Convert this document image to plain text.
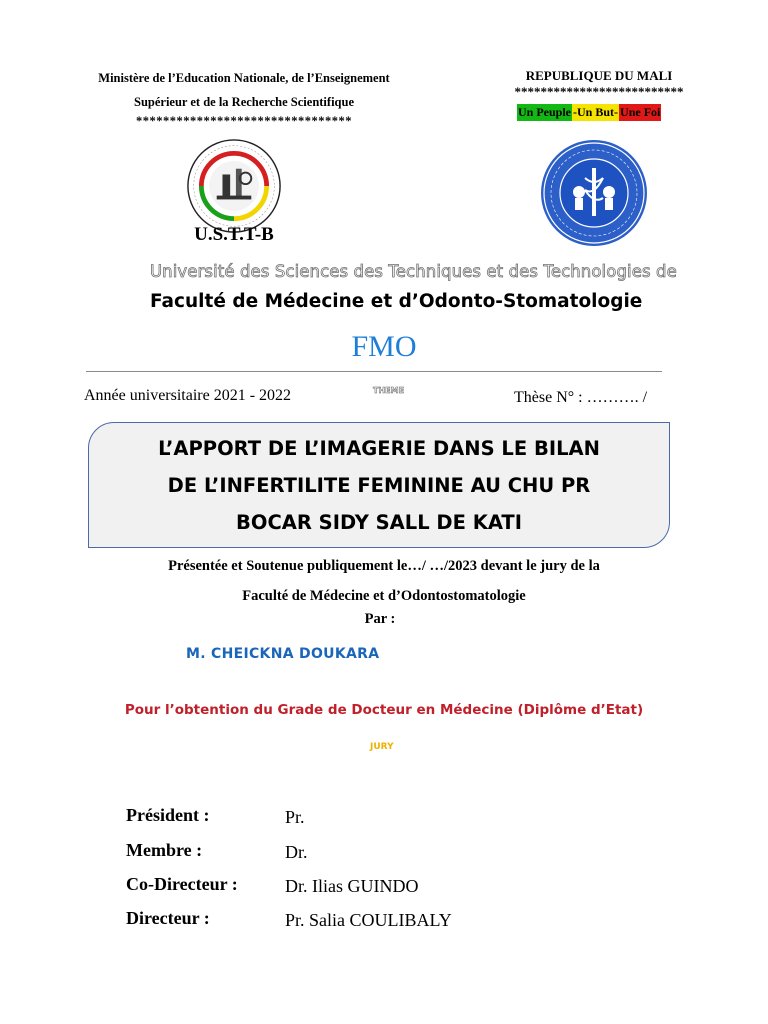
Ministère de l’Education Nationale, de l’Enseignement
Supérieur et de la Recherche Scientifique
********************************
REPUBLIQUE DU MALI
**************************
Un Peuple -Un But- Une Foi
U.S.T.T-B
Université des Sciences des Techniques et des Technologies de
Faculté de Médecine et d’Odonto-Stomatologie
FMO
Année universitaire 2021 - 2022	THEME	Thèse N° : ………. /
L’APPORT DE L’IMAGERIE DANS LE BILAN
DE L’INFERTILITE FEMININE AU CHU PR
BOCAR SIDY SALL DE KATI
Présentée et Soutenue publiquement le…/ …/2023 devant le jury de la
Faculté de Médecine et d’Odontostomatologie
Par :
M. CHEICKNA DOUKARA
Pour l’obtention du Grade de Docteur en Médecine (Diplôme d’Etat)
JURY
Président :	Pr.
Membre :	Dr.
Co-Directeur :	Dr. Ilias GUINDO
Directeur :	Pr. Salia COULIBALY
